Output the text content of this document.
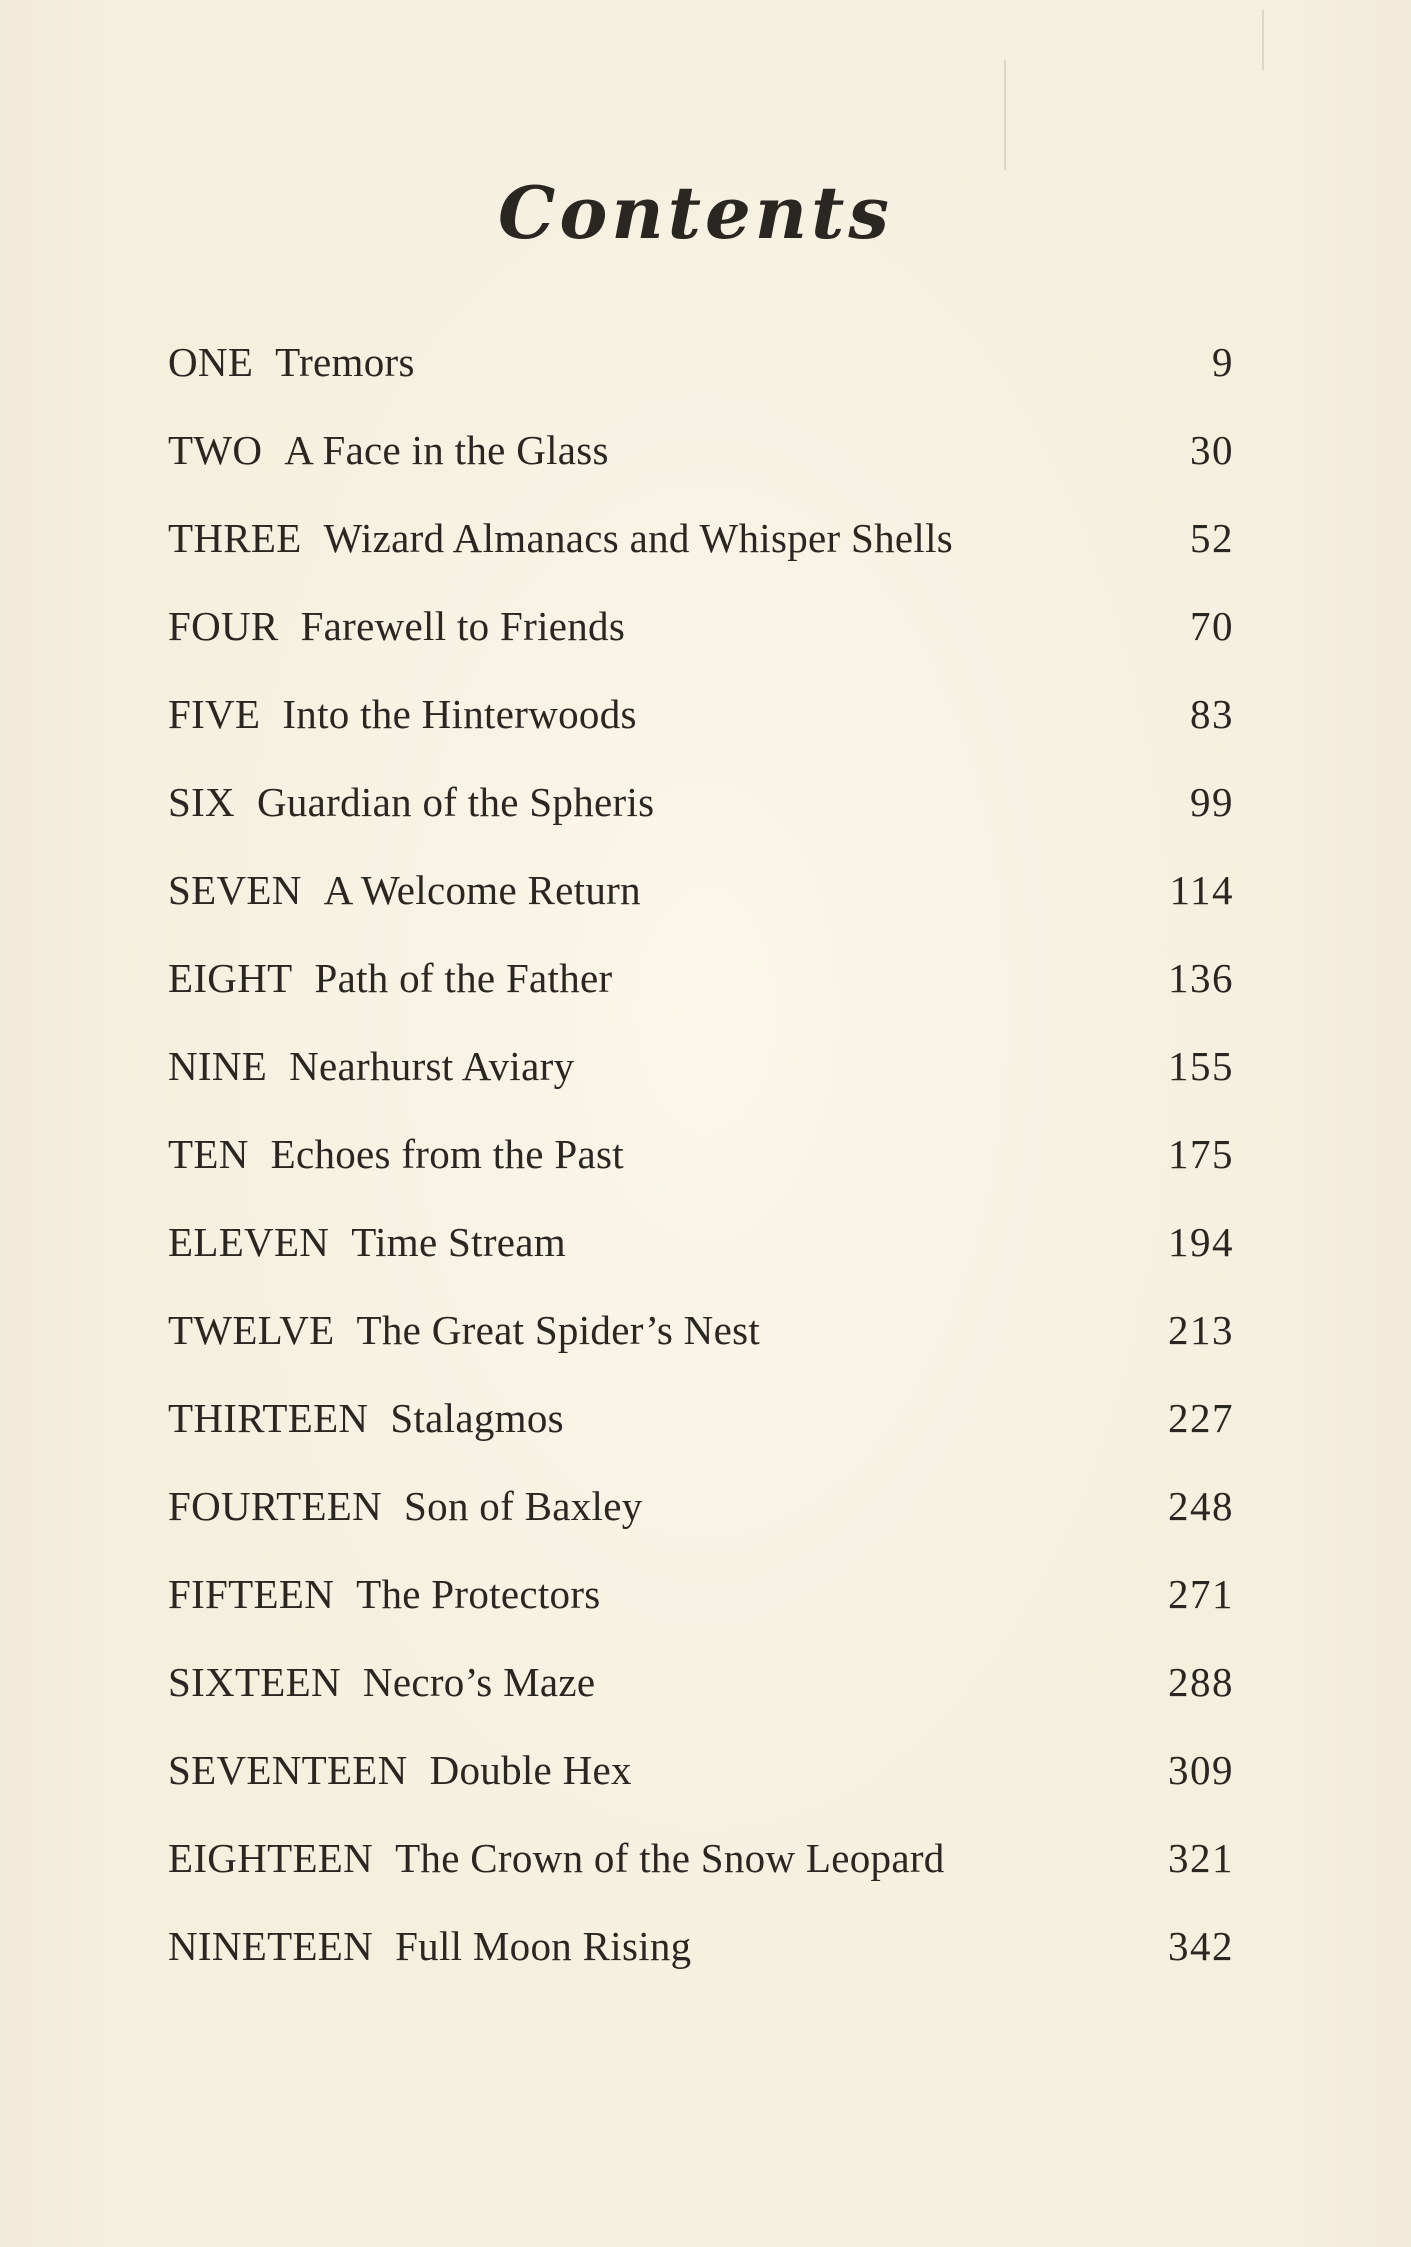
Contents
ONE Tremors	9
TWO A Face in the Glass	30
THREE Wizard Almanacs and Whisper Shells	52
FOUR Farewell to Friends	70
FIVE Into the Hinterwoods	83
SIX Guardian of the Spheris	99
SEVEN A Welcome Return	114
EIGHT Path of the Father	136
NINE Nearhurst Aviary	155
TEN Echoes from the Past	175
ELEVEN Time Stream	194
TWELVE The Great Spider’s Nest	213
THIRTEEN Stalagmos	227
FOURTEEN Son of Baxley	248
FIFTEEN The Protectors	271
SIXTEEN Necro’s Maze	288
SEVENTEEN Double Hex	309
EIGHTEEN The Crown of the Snow Leopard	321
NINETEEN Full Moon Rising	342
